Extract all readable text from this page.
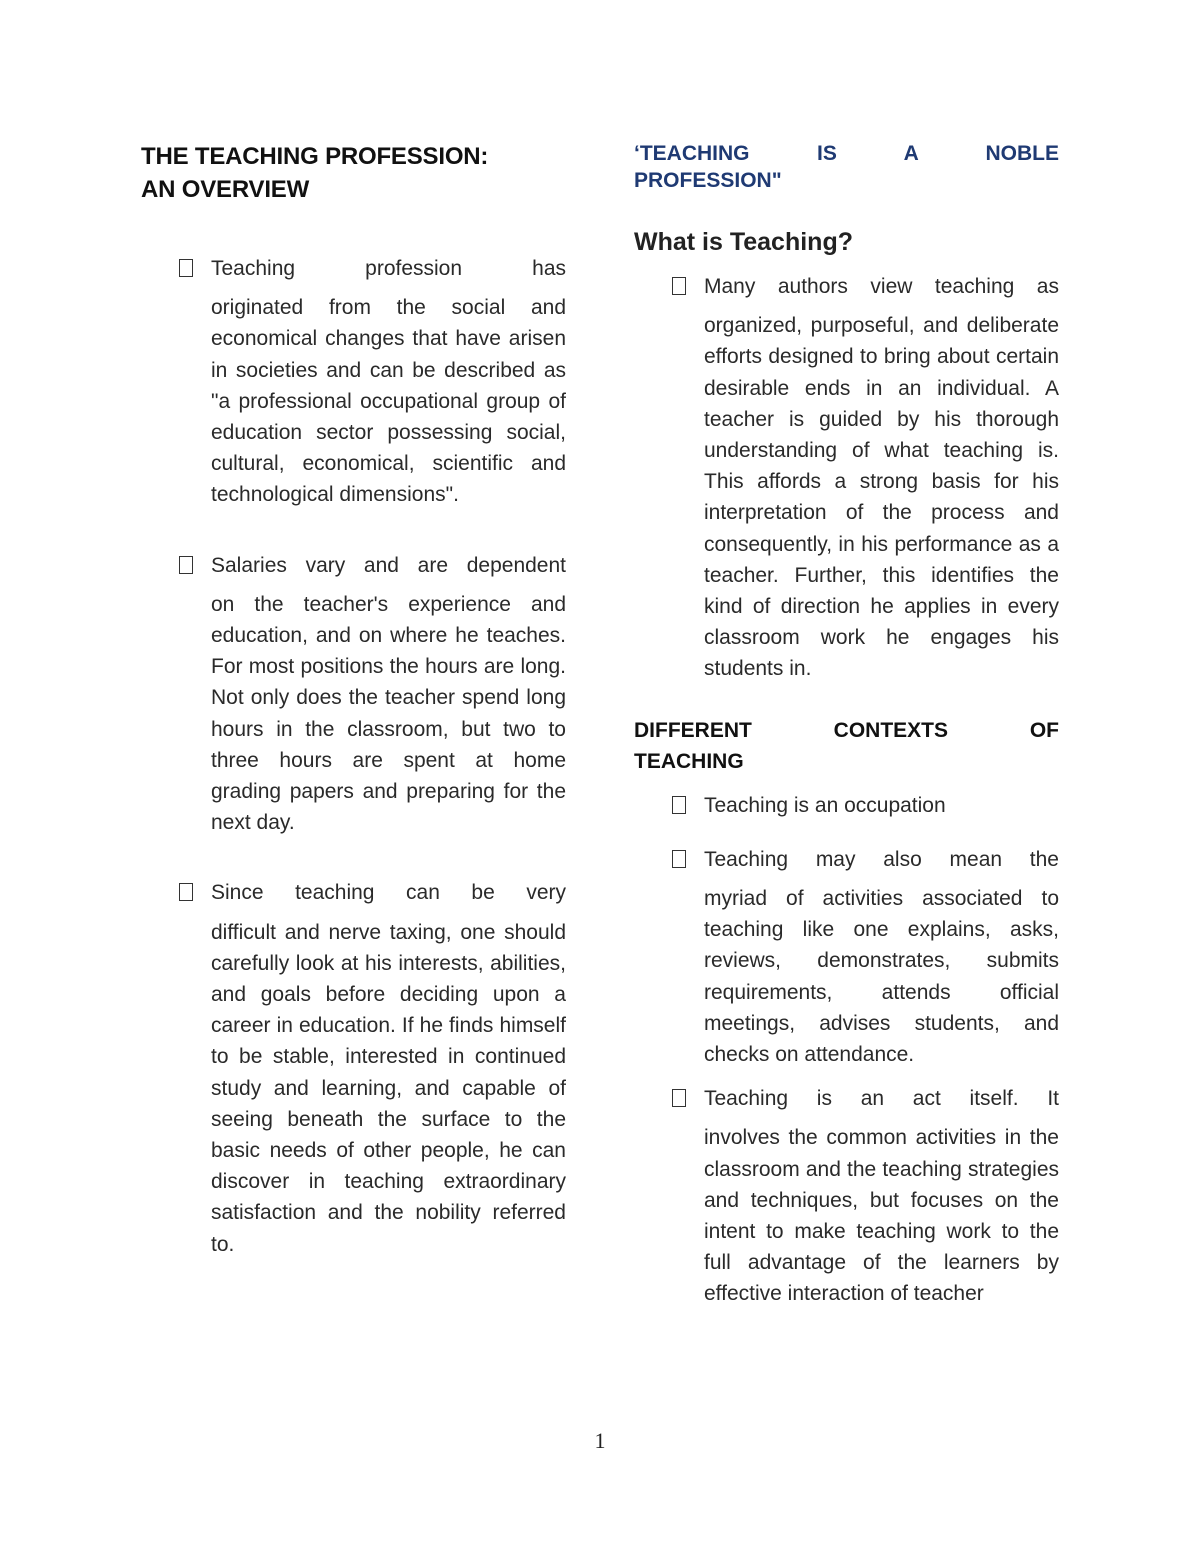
THE TEACHING PROFESSION:
AN OVERVIEW
Teaching profession has
originated from the social and economical changes that have arisen in societies and can be described as "a professional occupational group of education sector possessing social, cultural, economical, scientific and technological dimensions".
Salaries vary and are dependent
on the teacher's experience and education, and on where he teaches. For most positions the hours are long. Not only does the teacher spend long hours in the classroom, but two to three hours are spent at home grading papers and preparing for the next day.
Since teaching can be very
difficult and nerve taxing, one should carefully look at his interests, abilities, and goals before deciding upon a career in education. If he finds himself to be stable, interested in continued study and learning, and capable of seeing beneath the surface to the basic needs of other people, he can discover in teaching extraordinary satisfaction and the nobility referred to.
‘TEACHING IS A NOBLE
PROFESSION"
What is Teaching?
Many authors view teaching as
organized, purposeful, and deliberate efforts designed to bring about certain desirable ends in an individual. A teacher is guided by his thorough understanding of what teaching is. This affords a strong basis for his interpretation of the process and consequently, in his performance as a teacher. Further, this identifies the kind of direction he applies in every classroom work he engages his students in.
DIFFERENT CONTEXTS OF
TEACHING
Teaching is an occupation
Teaching may also mean the
myriad of activities associated to teaching like one explains, asks, reviews, demonstrates, submits requirements, attends official meetings, advises students, and checks on attendance.
Teaching is an act itself. It
involves the common activities in the classroom and the teaching strategies and techniques, but focuses on the intent to make teaching work to the full advantage of the learners by effective interaction of teacher
1
